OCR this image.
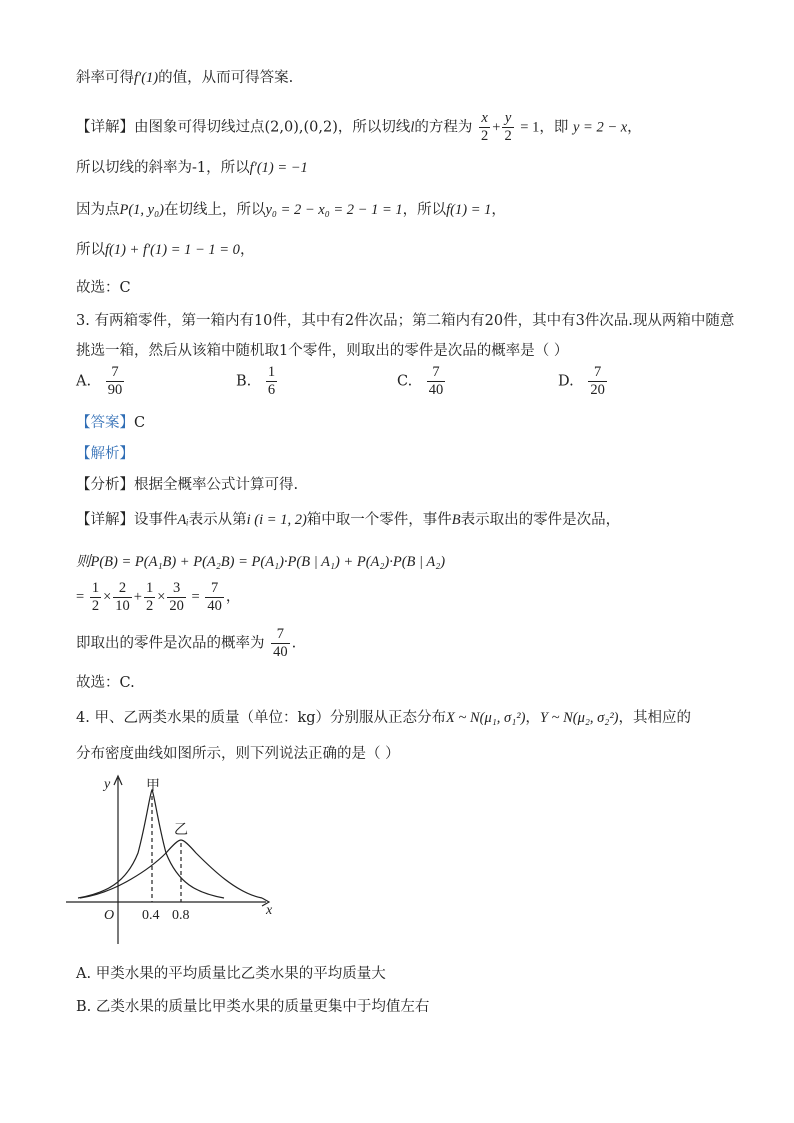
斜率可得f′(1)的值，从而可得答案.
【详解】由图象可得切线过点(2,0),(0,2)，所以切线l的方程为 $\frac{x}{2} + \frac{y}{2} = 1$，即 y = 2 − x，
所以切线的斜率为-1，所以f′(1) = −1
因为点P(1, y₀)在切线上，所以y₀ = 2 − x₀ = 2 − 1 = 1，所以f(1) = 1，
所以f(1) + f′(1) = 1 − 1 = 0，
故选：C
3. 有两箱零件，第一箱内有10件，其中有2件次品；第二箱内有20件，其中有3件次品.现从两箱中随意
挑选一箱，然后从该箱中随机取1个零件，则取出的零件是次品的概率是（ ）
A. $\frac{7}{90}$	B. $\frac{1}{6}$	C. $\frac{7}{40}$	D. $\frac{7}{20}$
【答案】C
【解析】
【分析】根据全概率公式计算可得.
【详解】设事件Aᵢ表示从第i (i = 1, 2)箱中取一个零件，事件B表示取出的零件是次品，
则P(B) = P(A₁B) + P(A₂B) = P(A₁)·P(B | A₁) + P(A₂)·P(B | A₂)
= $\frac{1}{2} \times \frac{2}{10} + \frac{1}{2} \times \frac{3}{20} = \frac{7}{40}$ ，
即取出的零件是次品的概率为 $\frac{7}{40}$ .
故选：C.
4. 甲、乙两类水果的质量（单位：kg）分别服从正态分布X ~ N(μ₁, σ₁²)，Y ~ N(μ₂, σ₂²)，其相应的
分布密度曲线如图所示，则下列说法正确的是（ ）
y
x
O 0.4 0.8
甲
乙
A. 甲类水果的平均质量比乙类水果的平均质量大
B. 乙类水果的质量比甲类水果的质量更集中于均值左右
